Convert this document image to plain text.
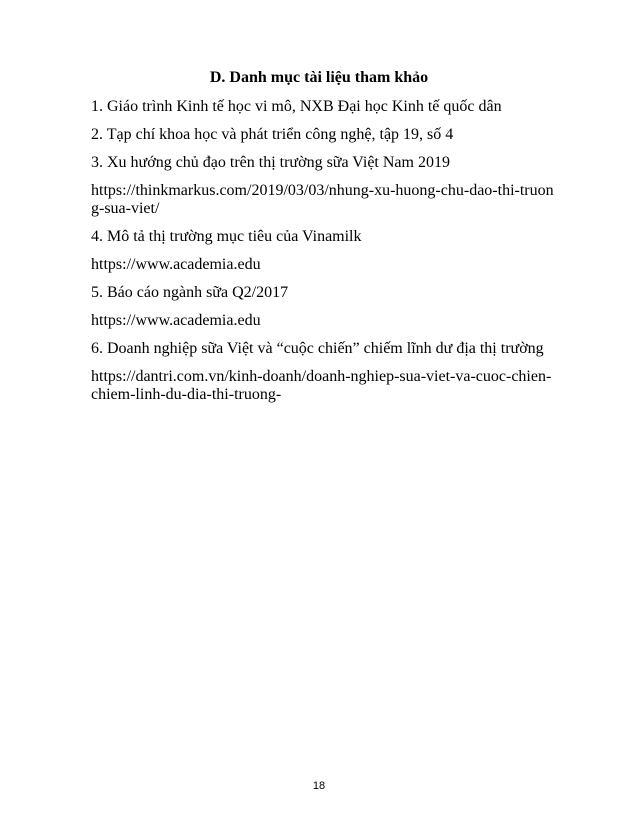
D. Danh mục tài liệu tham khảo

1. Giáo trình Kinh tế học vi mô, NXB Đại học Kinh tế quốc dân

2. Tạp chí khoa học và phát triển công nghệ, tập 19, số 4

3. Xu hướng chủ đạo trên thị trường sữa Việt Nam 2019

https://thinkmarkus.com/2019/03/03/nhung-xu-huong-chu-dao-thi-truong-sua-viet/

4. Mô tả thị trường mục tiêu của Vinamilk

https://www.academia.edu

5. Báo cáo ngành sữa Q2/2017

https://www.academia.edu

6. Doanh nghiệp sữa Việt và “cuộc chiến” chiếm lĩnh dư địa thị trường

https://dantri.com.vn/kinh-doanh/doanh-nghiep-sua-viet-va-cuoc-chien-chiem-linh-du-dia-thi-truong-

18
